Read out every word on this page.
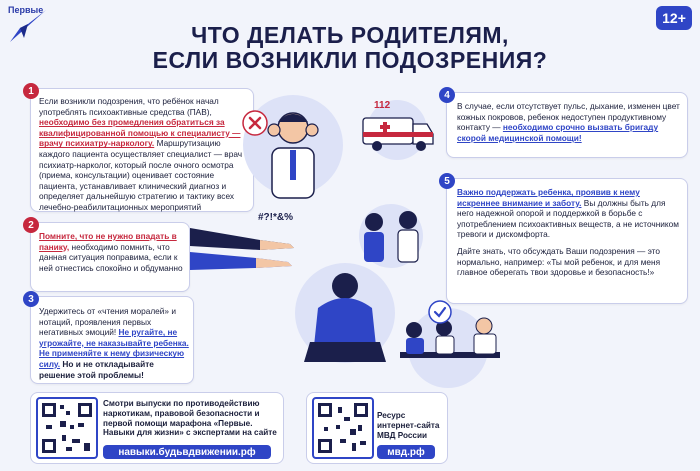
Первые	12+
ЧТО ДЕЛАТЬ РОДИТЕЛЯМ,
ЕСЛИ ВОЗНИКЛИ ПОДОЗРЕНИЯ?
1
Если возникли подозрения, что ребёнок начал употреблять психоактивные средства (ПАВ), необходимо без промедления обратиться за квалифицированной помощью к специалисту — врачу психиатру-наркологу. Маршрутизацию каждого пациента осуществляет специалист — врач психиатр-нарколог, который после очного осмотра (приема, консультации) оценивает состояние пациента, устанавливает клинический диагноз и определяет дальнейшую стратегию и тактику всех лечебно-реабилитационных мероприятий
2
Помните, что не нужно впадать в панику, необходимо помнить, что данная ситуация поправима, если к ней отнестись спокойно и обдуманно
3
Удержитесь от «чтения моралей» и нотаций, проявления первых негативных эмоций! Не ругайте, не угрожайте, не наказывайте ребенка. Не применяйте к нему физическую силу. Но и не откладывайте решение этой проблемы!
4
В случае, если отсутствует пульс, дыхание, изменен цвет кожных покровов, ребенок недоступен продуктивному контакту — необходимо срочно вызвать бригаду скорой медицинской помощи!
5
Важно поддержать ребенка, проявив к нему искреннее внимание и заботу. Вы должны быть для него надежной опорой и поддержкой в борьбе с употреблением психоактивных веществ, а не источником тревоги и дискомфорта.
Дайте знать, что обсуждать Ваши подозрения — это нормально, например: «Ты мой ребенок, и для меня главное оберегать твои здоровье и безопасность!»
112
#?!*&%
Смотри выпуски по противодействию наркотикам, правовой безопасности и первой помощи марафона «Первые. Навыки для жизни» с экспертами на сайте
навыки.будьвдвижении.рф
Ресурс интернет-сайта МВД России
мвд.рф
